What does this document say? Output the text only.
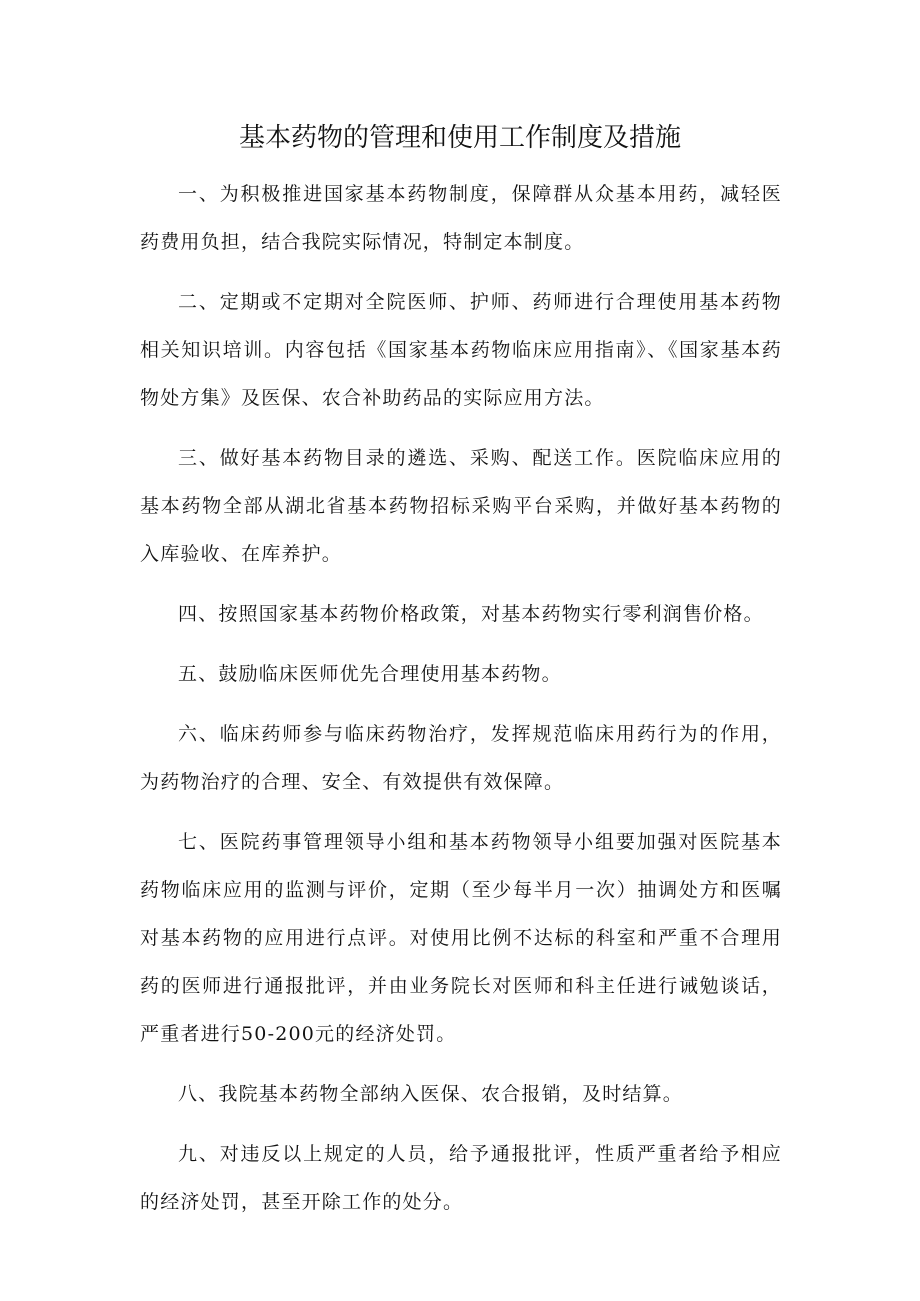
基本药物的管理和使用工作制度及措施

一、为积极推进国家基本药物制度，保障群从众基本用药，减轻医药费用负担，结合我院实际情况，特制定本制度。

二、定期或不定期对全院医师、护师、药师进行合理使用基本药物相关知识培训。内容包括《国家基本药物临床应用指南》、《国家基本药物处方集》及医保、农合补助药品的实际应用方法。

三、做好基本药物目录的遴选、采购、配送工作。医院临床应用的基本药物全部从湖北省基本药物招标采购平台采购，并做好基本药物的入库验收、在库养护。

四、按照国家基本药物价格政策，对基本药物实行零利润售价格。

五、鼓励临床医师优先合理使用基本药物。

六、临床药师参与临床药物治疗，发挥规范临床用药行为的作用，为药物治疗的合理、安全、有效提供有效保障。

七、医院药事管理领导小组和基本药物领导小组要加强对医院基本药物临床应用的监测与评价，定期（至少每半月一次）抽调处方和医嘱对基本药物的应用进行点评。对使用比例不达标的科室和严重不合理用药的医师进行通报批评，并由业务院长对医师和科主任进行诫勉谈话，严重者进行50-200元的经济处罚。

八、我院基本药物全部纳入医保、农合报销，及时结算。

九、对违反以上规定的人员，给予通报批评，性质严重者给予相应的经济处罚，甚至开除工作的处分。
